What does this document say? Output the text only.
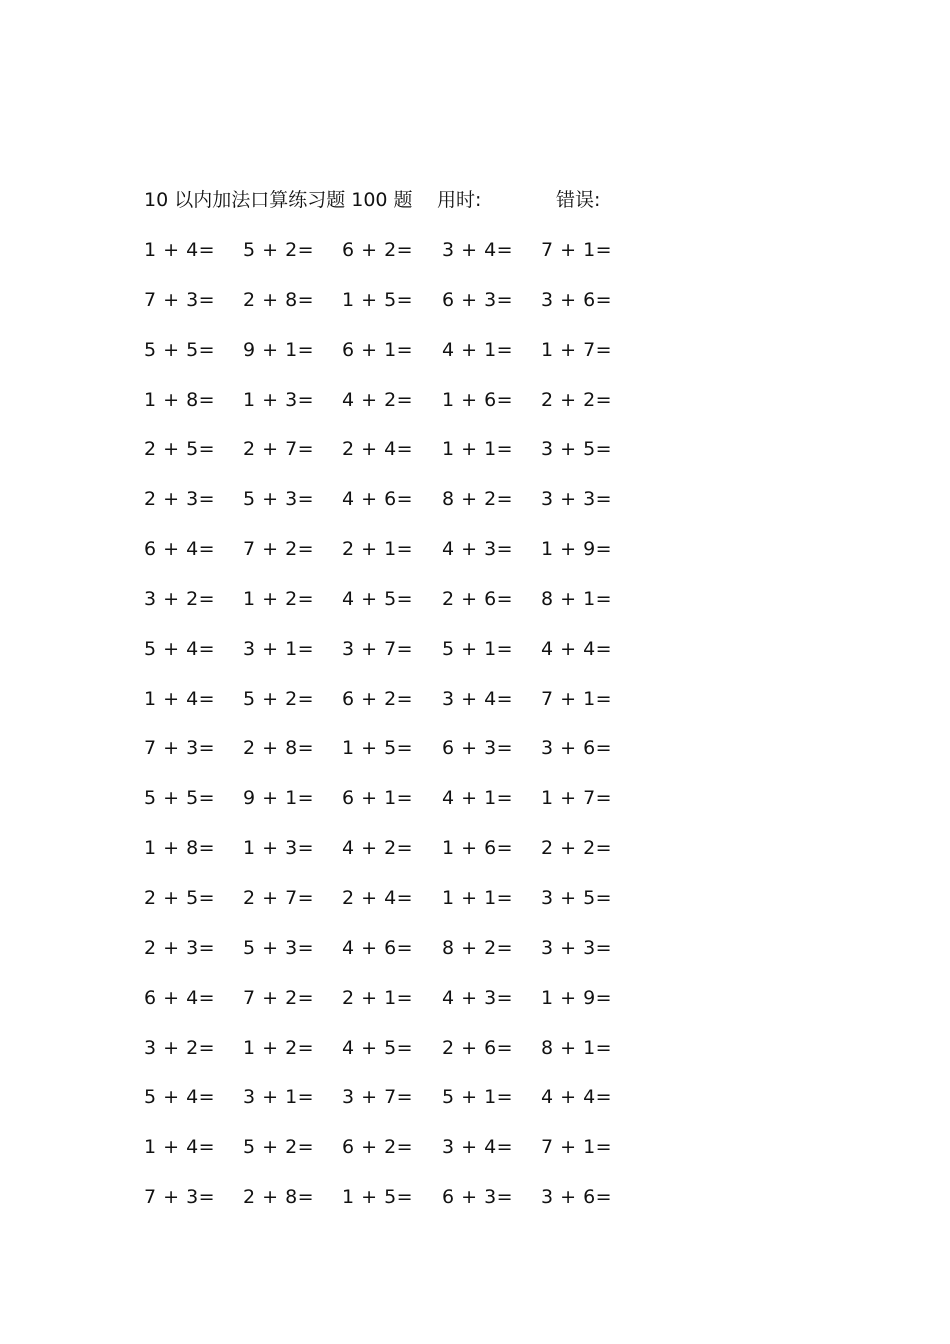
10 以内加法口算练习题 100 题 用时:	错误:
1 + 4= 5 + 2= 6 + 2= 3 + 4= 7 + 1=
7 + 3= 2 + 8= 1 + 5= 6 + 3= 3 + 6=
5 + 5= 9 + 1= 6 + 1= 4 + 1= 1 + 7=
1 + 8= 1 + 3= 4 + 2= 1 + 6= 2 + 2=
2 + 5= 2 + 7= 2 + 4= 1 + 1= 3 + 5=
2 + 3= 5 + 3= 4 + 6= 8 + 2= 3 + 3=
6 + 4= 7 + 2= 2 + 1= 4 + 3= 1 + 9=
3 + 2= 1 + 2= 4 + 5= 2 + 6= 8 + 1=
5 + 4= 3 + 1= 3 + 7= 5 + 1= 4 + 4=
1 + 4= 5 + 2= 6 + 2= 3 + 4= 7 + 1=
7 + 3= 2 + 8= 1 + 5= 6 + 3= 3 + 6=
5 + 5= 9 + 1= 6 + 1= 4 + 1= 1 + 7=
1 + 8= 1 + 3= 4 + 2= 1 + 6= 2 + 2=
2 + 5= 2 + 7= 2 + 4= 1 + 1= 3 + 5=
2 + 3= 5 + 3= 4 + 6= 8 + 2= 3 + 3=
6 + 4= 7 + 2= 2 + 1= 4 + 3= 1 + 9=
3 + 2= 1 + 2= 4 + 5= 2 + 6= 8 + 1=
5 + 4= 3 + 1= 3 + 7= 5 + 1= 4 + 4=
1 + 4= 5 + 2= 6 + 2= 3 + 4= 7 + 1=
7 + 3= 2 + 8= 1 + 5= 6 + 3= 3 + 6=
